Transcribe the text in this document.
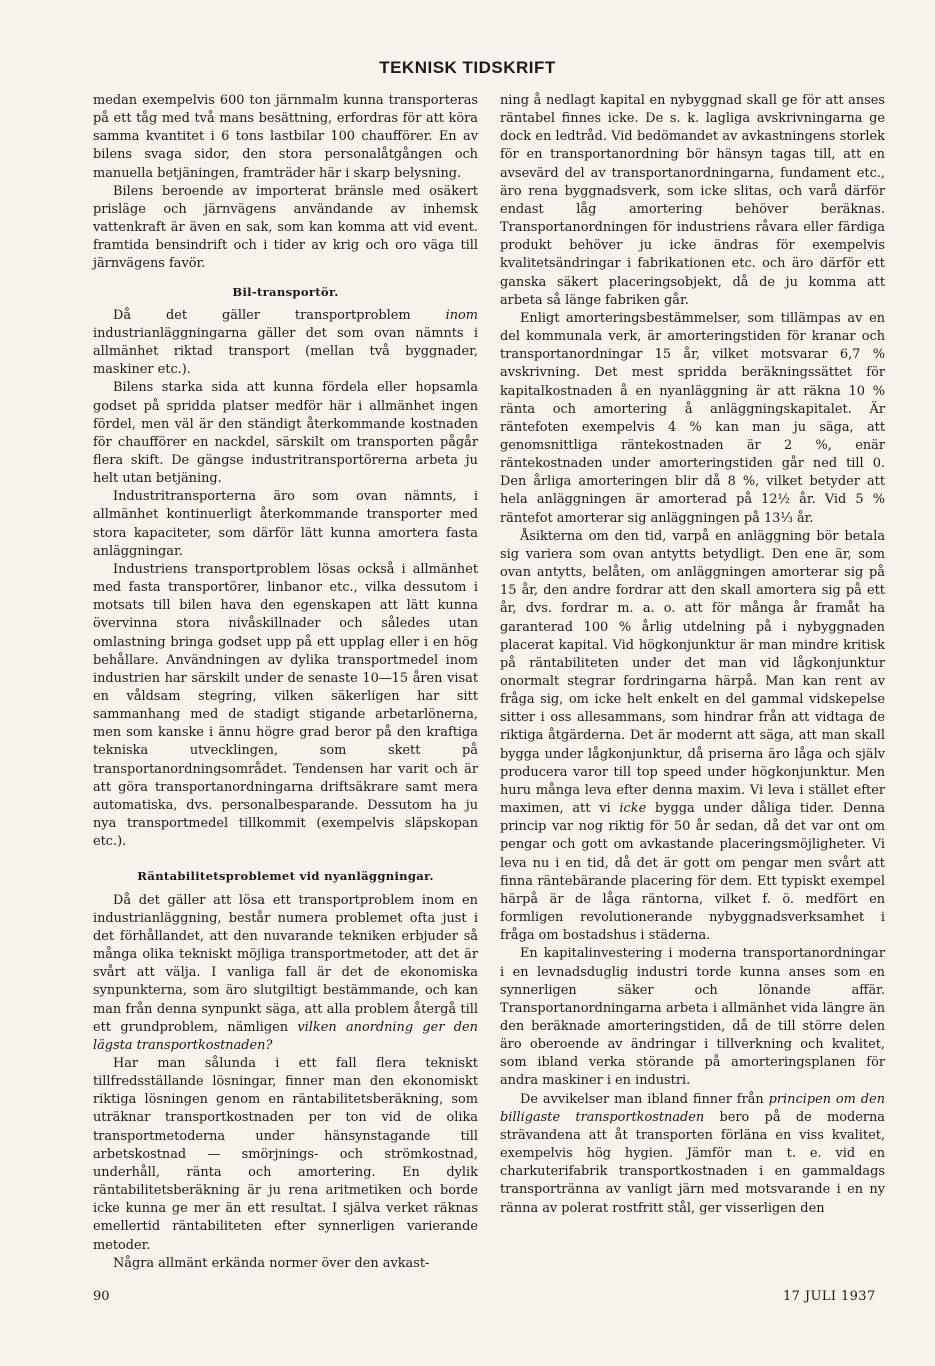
TEKNISK TIDSKRIFT

medan exempelvis 600 ton järnmalm kunna transporteras på ett tåg med två mans besättning, erfordras för att köra samma kvantitet i 6 tons lastbilar 100 chaufförer. En av bilens svaga sidor, den stora personalåtgången och manuella betjäningen, framträder här i skarp belysning.

Bilens beroende av importerat bränsle med osäkert prisläge och järnvägens användande av inhemsk vattenkraft är även en sak, som kan komma att vid event. framtida bensindrift och i tider av krig och oro väga till järnvägens favör.

Bil-transportör.

Då det gäller transportproblem inom industrianläggningarna gäller det som ovan nämnts i allmänhet riktad transport (mellan två byggnader, maskiner etc.).

Bilens starka sida att kunna fördela eller hopsamla godset på spridda platser medför här i allmänhet ingen fördel, men väl är den ständigt återkommande kostnaden för chaufförer en nackdel, särskilt om transporten pågår flera skift. De gängse industritransportörerna arbeta ju helt utan betjäning.

Industritransporterna äro som ovan nämnts, i allmänhet kontinuerligt återkommande transporter med stora kapaciteter, som därför lätt kunna amortera fasta anläggningar.

Industriens transportproblem lösas också i allmänhet med fasta transportörer, linbanor etc., vilka dessutom i motsats till bilen hava den egenskapen att lätt kunna övervinna stora nivåskillnader och således utan omlastning bringa godset upp på ett upplag eller i en hög behållare. Användningen av dylika transportmedel inom industrien har särskilt under de senaste 10—15 åren visat en våldsam stegring, vilken säkerligen har sitt sammanhang med de stadigt stigande arbetarlönerna, men som kanske i ännu högre grad beror på den kraftiga tekniska utvecklingen, som skett på transportanordningsområdet. Tendensen har varit och är att göra transportanordningarna driftsäkrare samt mera automatiska, dvs. personalbesparande. Dessutom ha ju nya transportmedel tillkommit (exempelvis släpskopan etc.).

Räntabilitetsproblemet vid nyanläggningar.

Då det gäller att lösa ett transportproblem inom en industrianläggning, består numera problemet ofta just i det förhållandet, att den nuvarande tekniken erbjuder så många olika tekniskt möjliga transportmetoder, att det är svårt att välja. I vanliga fall är det de ekonomiska synpunkterna, som äro slutgiltigt bestämmande, och kan man från denna synpunkt säga, att alla problem återgå till ett grundproblem, nämligen vilken anordning ger den lägsta transportkostnaden?

Har man sålunda i ett fall flera tekniskt tillfredsställande lösningar, finner man den ekonomiskt riktiga lösningen genom en räntabilitetsberäkning, som uträknar transportkostnaden per ton vid de olika transportmetoderna under hänsynstagande till arbetskostnad — smörjnings- och strömkostnad, underhåll, ränta och amortering. En dylik räntabilitetsberäkning är ju rena aritmetiken och borde icke kunna ge mer än ett resultat. I själva verket räknas emellertid räntabiliteten efter synnerligen varierande metoder.

Några allmänt erkända normer över den avkast-

ning å nedlagt kapital en nybyggnad skall ge för att anses räntabel finnes icke. De s. k. lagliga avskrivningarna ge dock en ledtråd. Vid bedömandet av avkastningens storlek för en transportanordning bör hänsyn tagas till, att en avsevärd del av transportanordningarna, fundament etc., äro rena byggnadsverk, som icke slitas, och varå därför endast låg amortering behöver beräknas. Transportanordningen för industriens råvara eller färdiga produkt behöver ju icke ändras för exempelvis kvalitetsändringar i fabrikationen etc. och äro därför ett ganska säkert placeringsobjekt, då de ju komma att arbeta så länge fabriken går.

Enligt amorteringsbestämmelser, som tillämpas av en del kommunala verk, är amorteringstiden för kranar och transportanordningar 15 år, vilket motsvarar 6,7 % avskrivning. Det mest spridda beräkningssättet för kapitalkostnaden å en nyanläggning är att räkna 10 % ränta och amortering å anläggningskapitalet. Är räntefoten exempelvis 4 % kan man ju säga, att genomsnittliga räntekostnaden är 2 %, enär räntekostnaden under amorteringstiden går ned till 0. Den årliga amorteringen blir då 8 %, vilket betyder att hela anläggningen är amorterad på 12½ år. Vid 5 % räntefot amorterar sig anläggningen på 13⅓ år.

Åsikterna om den tid, varpå en anläggning bör betala sig variera som ovan antytts betydligt. Den ene är, som ovan antytts, belåten, om anläggningen amorterar sig på 15 år, den andre fordrar att den skall amortera sig på ett år, dvs. fordrar m. a. o. att för många år framåt ha garanterad 100 % årlig utdelning på i nybyggnaden placerat kapital. Vid högkonjunktur är man mindre kritisk på räntabiliteten under det man vid lågkonjunktur onormalt stegrar fordringarna härpå. Man kan rent av fråga sig, om icke helt enkelt en del gammal vidskepelse sitter i oss allesammans, som hindrar från att vidtaga de riktiga åtgärderna. Det är modernt att säga, att man skall bygga under lågkonjunktur, då priserna äro låga och själv producera varor till top speed under högkonjunktur. Men huru många leva efter denna maxim. Vi leva i stället efter maximen, att vi icke bygga under dåliga tider. Denna princip var nog riktig för 50 år sedan, då det var ont om pengar och gott om avkastande placeringsmöjligheter. Vi leva nu i en tid, då det är gott om pengar men svårt att finna räntebärande placering för dem. Ett typiskt exempel härpå är de låga räntorna, vilket f. ö. medfört en formligen revolutionerande nybyggnadsverksamhet i fråga om bostadshus i städerna.

En kapitalinvestering i moderna transportanordningar i en levnadsduglig industri torde kunna anses som en synnerligen säker och lönande affär. Transportanordningarna arbeta i allmänhet vida längre än den beräknade amorteringstiden, då de till större delen äro oberoende av ändringar i tillverkning och kvalitet, som ibland verka störande på amorteringsplanen för andra maskiner i en industri.

De avvikelser man ibland finner från principen om den billigaste transportkostnaden bero på de moderna strävandena att åt transporten förläna en viss kvalitet, exempelvis hög hygien. Jämför man t. e. vid en charkuterifabrik transportkostnaden i en gammaldags transportränna av vanligt järn med motsvarande i en ny ränna av polerat rostfritt stål, ger visserligen den

90	17 JULI 1937
